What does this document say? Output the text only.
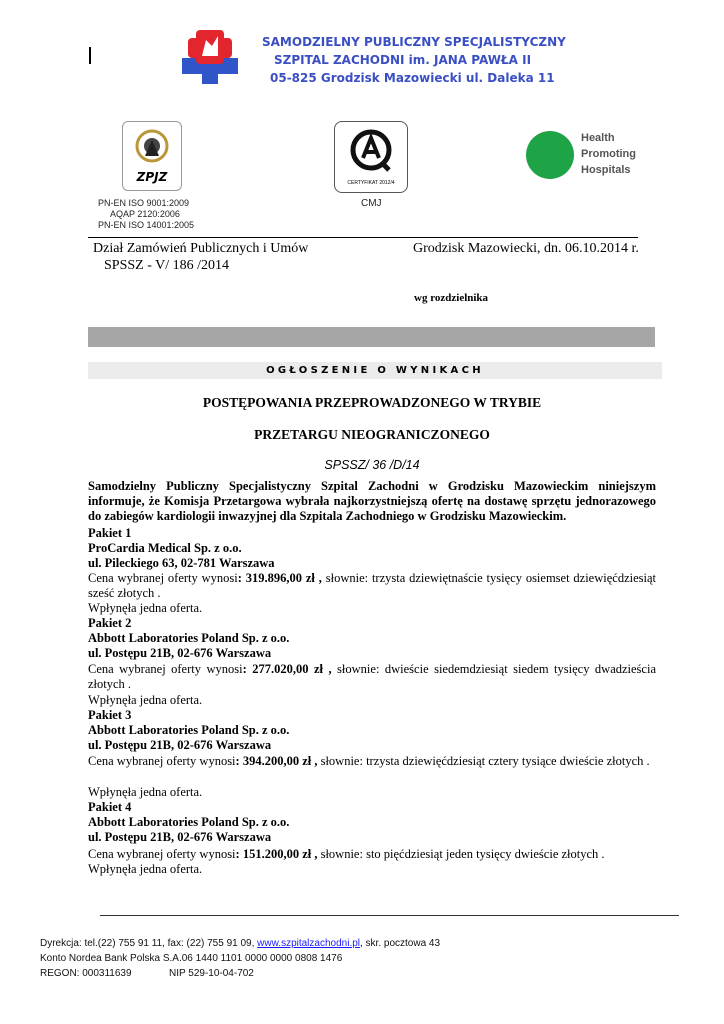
SAMODZIELNY PUBLICZNY SPECJALISTYCZNY
SZPITAL ZACHODNI im. JANA PAWŁA II
05-825 Grodzisk Mazowiecki ul. Daleka 11
ZPJZ
PN-EN ISO 9001:2009
AQAP 2120:2006
PN-EN ISO 14001:2005
CERTYFIKAT 2012/4
CMJ
Health
Promoting
Hospitals
Dział Zamówień Publicznych i Umów
SPSSZ - V/ 186 /2014
Grodzisk Mazowiecki, dn. 06.10.2014 r.
wg rozdzielnika
OGŁOSZENIE O WYNIKACH
POSTĘPOWANIA PRZEPROWADZONEGO W TRYBIE
PRZETARGU NIEOGRANICZONEGO
SPSSZ/ 36 /D/14
Samodzielny Publiczny Specjalistyczny Szpital Zachodni w Grodzisku Mazowieckim niniejszym informuje, że Komisja Przetargowa wybrała najkorzystniejszą ofertę na dostawę sprzętu jednorazowego do zabiegów kardiologii inwazyjnej dla Szpitala Zachodniego w Grodzisku Mazowieckim.
Pakiet 1
ProCardia Medical Sp. z o.o.
ul. Pileckiego 63, 02-781 Warszawa
Cena wybranej oferty wynosi: 319.896,00 zł , słownie: trzysta dziewiętnaście tysięcy osiemset dziewięćdziesiąt sześć złotych .
Wpłynęła jedna oferta.
Pakiet 2
Abbott Laboratories Poland Sp. z o.o.
ul. Postępu 21B, 02-676 Warszawa
Cena wybranej oferty wynosi: 277.020,00 zł , słownie: dwieście siedemdziesiąt siedem tysięcy dwadzieścia złotych .
Wpłynęła jedna oferta.
Pakiet 3
Abbott Laboratories Poland Sp. z o.o.
ul. Postępu 21B, 02-676 Warszawa
Cena wybranej oferty wynosi: 394.200,00 zł , słownie: trzysta dziewięćdziesiąt cztery tysiące dwieście złotych .
Wpłynęła jedna oferta.
Pakiet 4
Abbott Laboratories Poland Sp. z o.o.
ul. Postępu 21B, 02-676 Warszawa
Cena wybranej oferty wynosi: 151.200,00 zł , słownie: sto pięćdziesiąt jeden tysięcy dwieście złotych .
Wpłynęła jedna oferta.
Dyrekcja: tel.(22) 755 91 11, fax: (22) 755 91 09, www.szpitalzachodni.pl, skr. pocztowa 43
Konto Nordea Bank Polska S.A.06 1440 1101 0000 0000 0808 1476
REGON: 000311639	NIP 529-10-04-702
